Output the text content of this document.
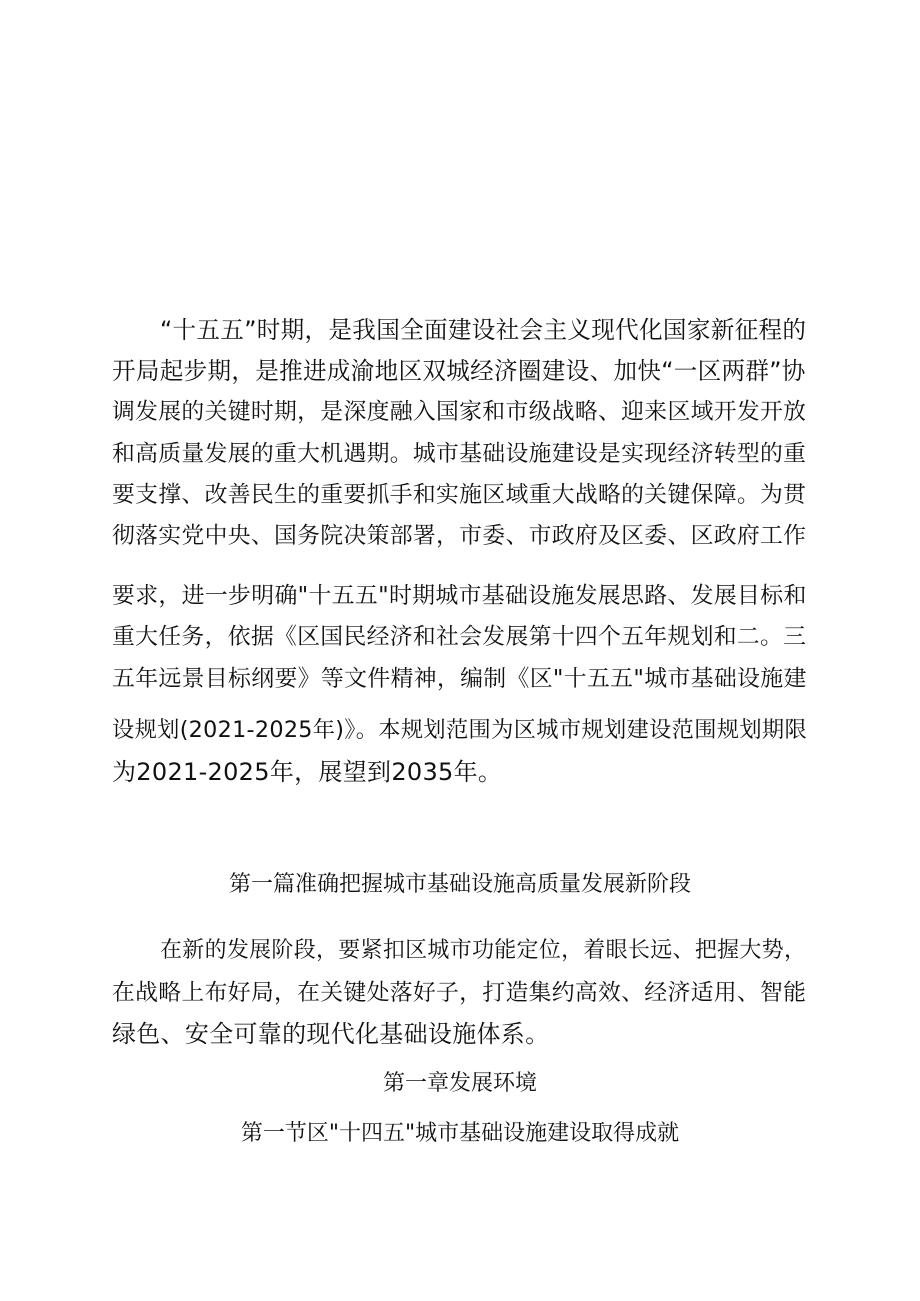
“十五五”时期，是我国全面建设社会主义现代化国家新征程的
开局起步期，是推进成渝地区双城经济圈建设、加快“一区两群”协
调发展的关键时期，是深度融入国家和市级战略、迎来区域开发开放
和高质量发展的重大机遇期。城市基础设施建设是实现经济转型的重
要支撑、改善民生的重要抓手和实施区域重大战略的关键保障。为贯
彻落实党中央、国务院决策部署，市委、市政府及区委、区政府工作
要求，进一步明确"十五五"时期城市基础设施发展思路、发展目标和
重大任务，依据《区国民经济和社会发展第十四个五年规划和二。三
五年远景目标纲要》等文件精神，编制《区"十五五"城市基础设施建
设规划(2021-2025年)》。本规划范围为区城市规划建设范围规划期限
为2021-2025年，展望到2035年。
第一篇准确把握城市基础设施高质量发展新阶段
在新的发展阶段，要紧扣区城市功能定位，着眼长远、把握大势，
在战略上布好局，在关键处落好子，打造集约高效、经济适用、智能
绿色、安全可靠的现代化基础设施体系。
第一章发展环境
第一节区"十四五"城市基础设施建设取得成就
